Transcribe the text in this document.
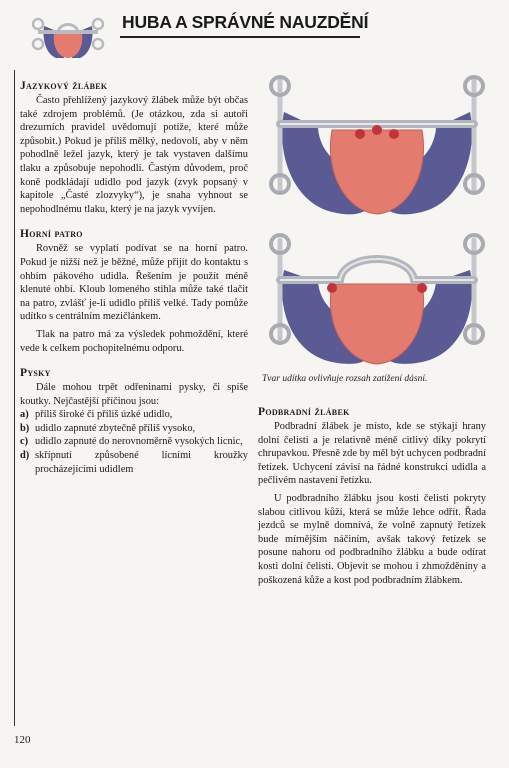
HUBA A SPRÁVNÉ NAUZDĚNÍ

Jazykový žlábek

Často přehlížený jazykový žlábek může být občas také zdrojem problémů. (Je otázkou, zda si autoři drezurních pravidel uvědomují potíže, které může způsobit.) Pokud je příliš mělký, nedovolí, aby v něm pohodlně ležel jazyk, který je tak vystaven dalšímu tlaku a způsobuje nepohodlí. Častým důvodem, proč koně podkládají udidlo pod jazyk (zvyk popsaný v kapitole „Časté zlozvyky“), je snaha vyhnout se nepohodlnému tlaku, který je na jazyk vyvíjen.

Horní patro

Rovněž se vyplatí podívat se na horní patro. Pokud je nižší než je běžné, může přijít do kontaktu s ohbím pákového udidla. Řešením je použít méně klenuté ohbí. Kloub lomeného stihla může také tlačit na patro, zvlášť je-li udidlo příliš velké. Tady pomůže udítko s centrálním mezičlánkem.

Tlak na patro má za výsledek pohmoždění, které vede k celkem pochopitelnému odporu.

Pysky

Dále mohou trpět odřeninami pysky, či spíše koutky. Nejčastější příčinou jsou:

a) příliš široké či příliš úzké udidlo,
b) udidlo zapnuté zbytečně příliš vysoko,
c) udidlo zapnuté do nerovnoměrně vysokých licnic,
d) skřípnutí způsobené lícními kroužky procházejícími udidlem
Tvar udítka ovlivňuje rozsah zatížení dásní.

Podbradní žlábek

Podbradní žlábek je místo, kde se stýkají hrany dolní čelisti a je relativně méně citlivý díky pokrytí chrupavkou. Přesně zde by měl být uchycen podbradní řetízek. Uchycení závisí na řádné konstrukci udidla a pečlivém nastavení řetízku.

U podbradního žlábku jsou kosti čelisti pokryty slabou citlivou kůží, která se může lehce odřít. Řada jezdců se mylně domnívá, že volně zapnutý řetízek bude mírnějším náčiním, avšak takový řetízek se posune nahoru od podbradního žlábku a bude odírat kosti dolní čelisti. Objevit se mohou i zhmožděniny a poškozená kůže a kost pod podbradním žlábkem.

120
